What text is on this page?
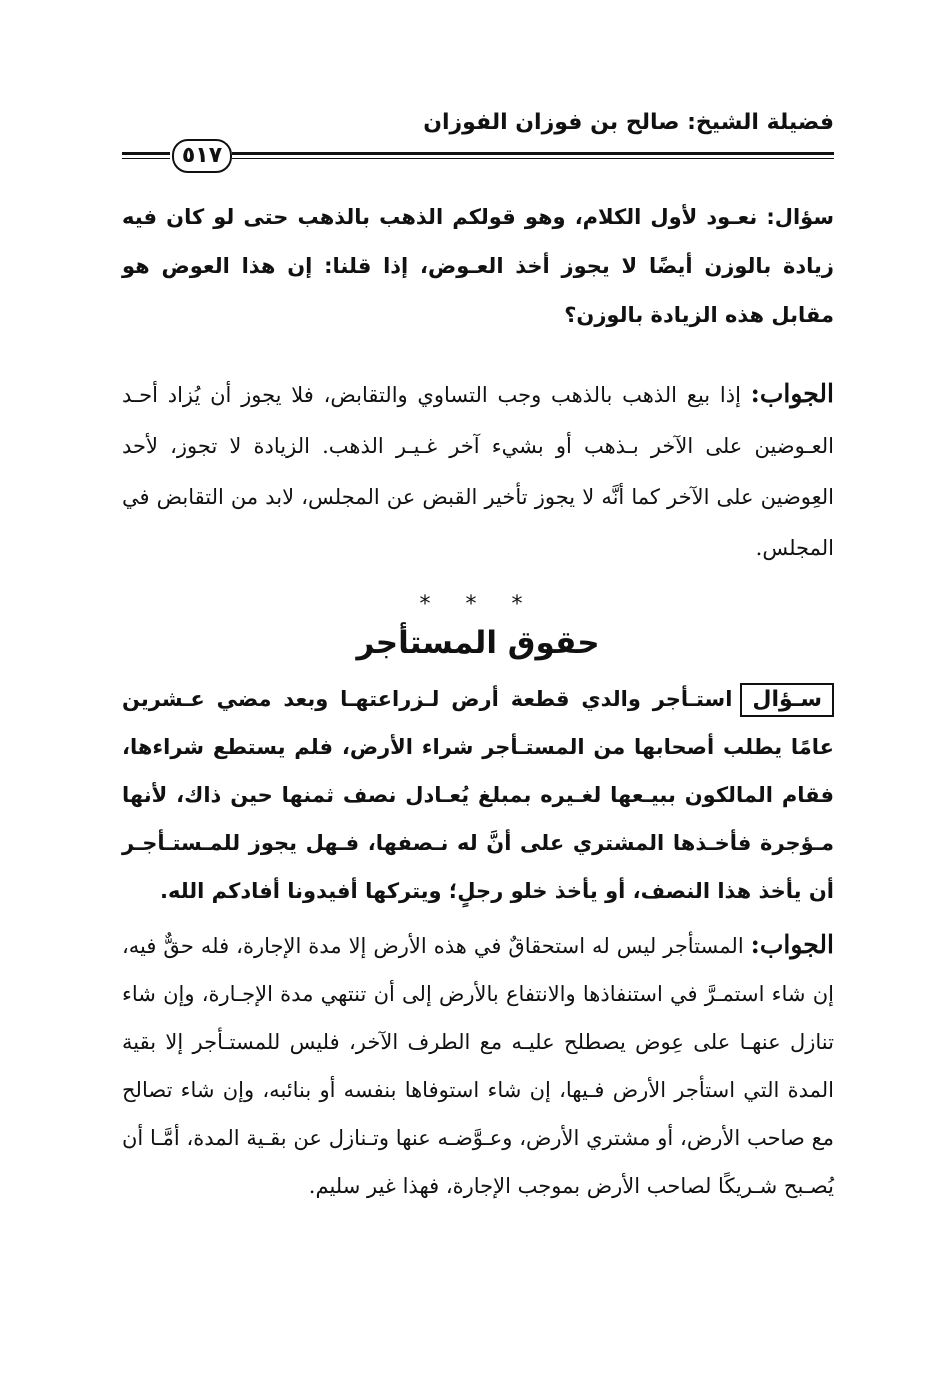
فضيلة الشيخ: صالح بن فوزان الفوزان
٥١٧

سؤال: نعـود لأول الكلام، وهو قولكم الذهب بالذهب حتى لو كان فيه زيادة بالوزن أيضًا لا يجوز أخذ العـوض، إذا قلنا: إن هذا العوض هو مقابل هذه الزيادة بالوزن؟

الجواب: إذا بيع الذهب بالذهب وجب التساوي والتقابض، فلا يجوز أن يُزاد أحـد العـوضين على الآخر بـذهب أو بشيء آخر غـيـر الذهب. الزيادة لا تجوز، لأحد العِوضين على الآخر كما أنَّه لا يجوز تأخير القبض عن المجلس، لابد من التقابض في المجلس.

* * *
حقوق المستأجر

سـؤالاستـأجر والدي قطعة أرض لـزراعتهـا وبعد مضي عـشرين عامًا يطلب أصحابها من المستـأجر شراء الأرض، فلم يستطع شراءها، فقام المالكون ببيـعها لغـيره بمبلغ يُعـادل نصف ثمنها حين ذاك، لأنها مـؤجرة فأخـذها المشتري على أنَّ له نـصفها، فـهل يجوز للمـستـأجـر أن يأخذ هذا النصف، أو يأخذ خلو رجلٍ؛ ويتركها أفيدونا أفادكم الله.

الجواب: المستأجر ليس له استحقاقٌ في هذه الأرض إلا مدة الإجارة، فله حقٌّ فيه، إن شاء استمـرَّ في استنفاذها والانتفاع بالأرض إلى أن تنتهي مدة الإجـارة، وإن شاء تنازل عنهـا على عِوض يصطلح عليـه مع الطرف الآخر، فليس للمستـأجر إلا بقية المدة التي استأجر الأرض فـيها، إن شاء استوفاها بنفسه أو بنائبه، وإن شاء تصالح مع صاحب الأرض، أو مشتري الأرض، وعـوَّضـه عنها وتـنازل عن بقـية المدة، أمَّـا أن يُصـبح شـريكًا لصاحب الأرض بموجب الإجارة، فهذا غير سليم.
